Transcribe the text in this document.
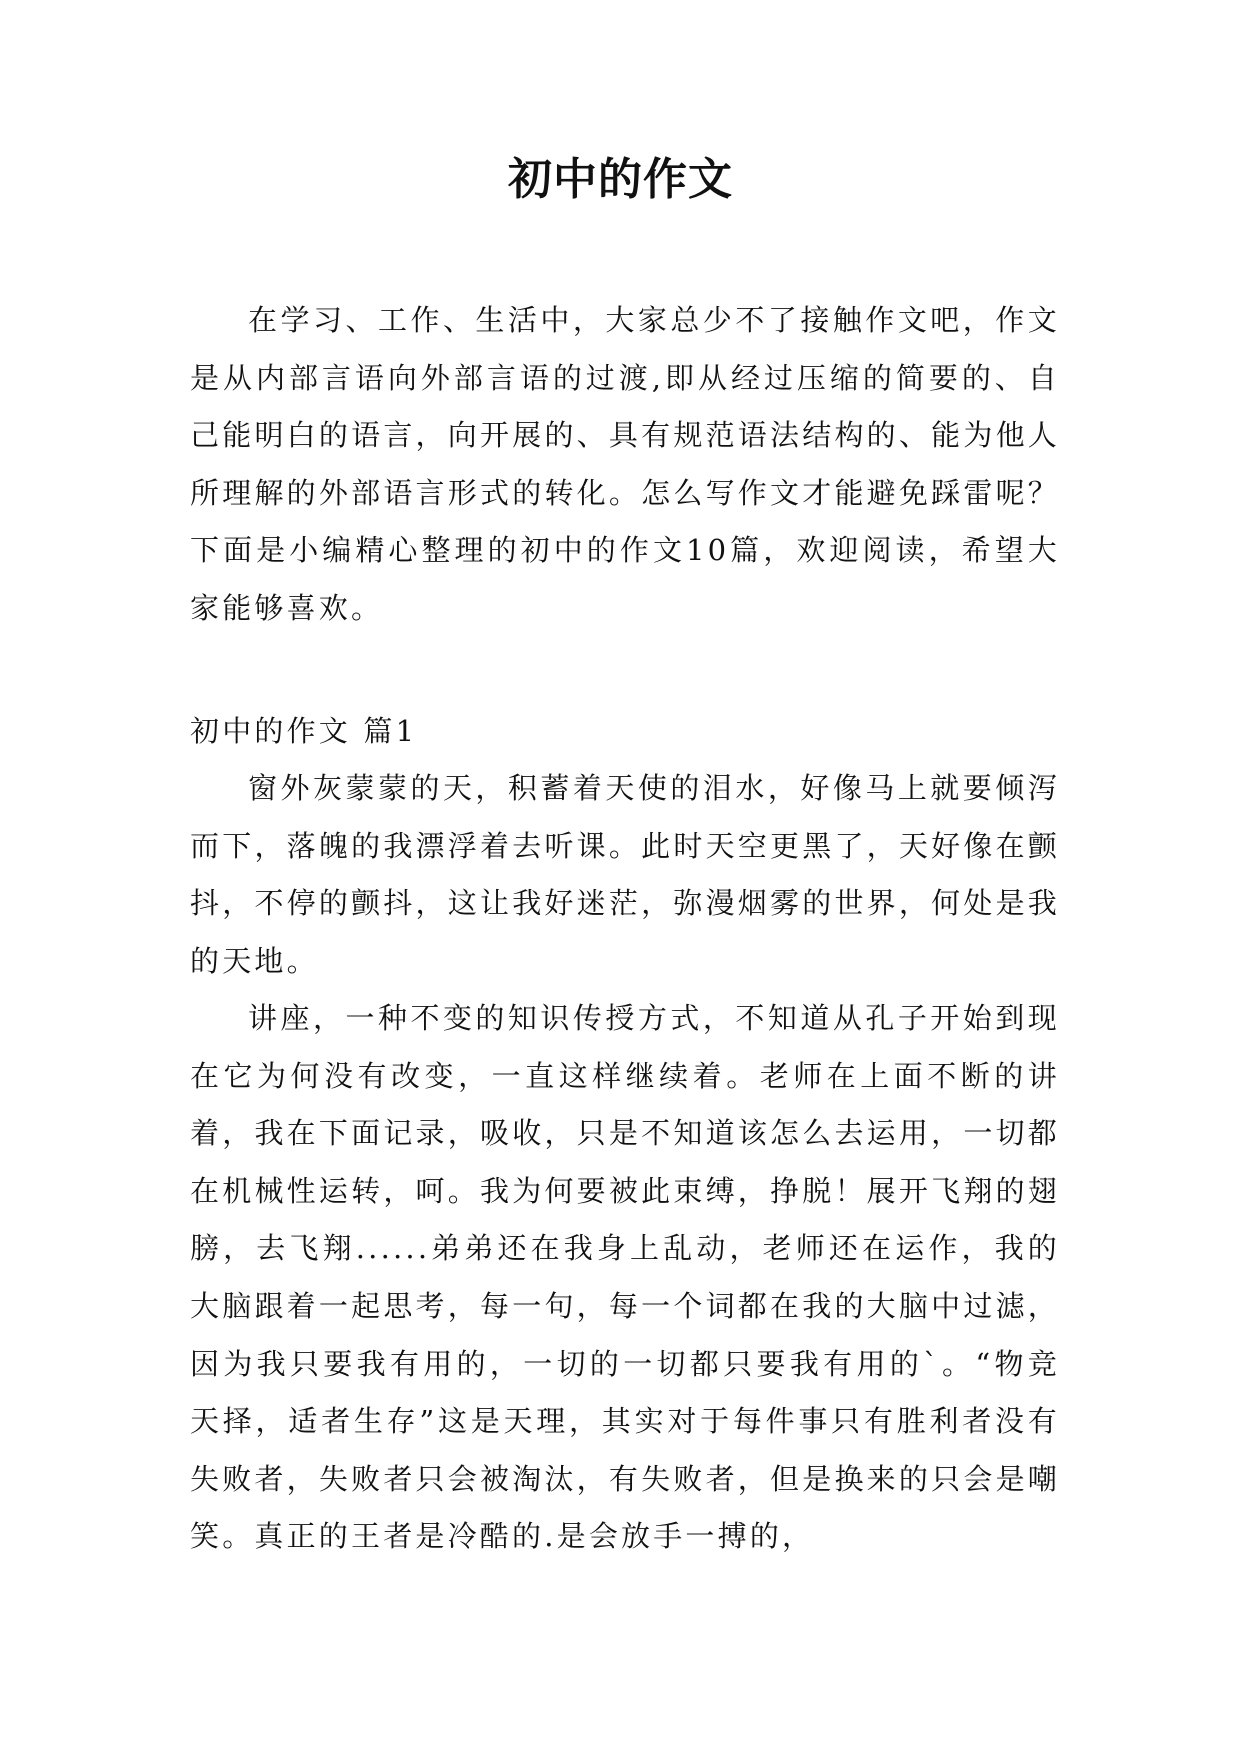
初中的作文

在学习、工作、生活中，大家总少不了接触作文吧，作文是从内部言语向外部言语的过渡,即从经过压缩的简要的、自己能明白的语言，向开展的、具有规范语法结构的、能为他人所理解的外部语言形式的转化。怎么写作文才能避免踩雷呢？下面是小编精心整理的初中的作文10篇，欢迎阅读，希望大家能够喜欢。

初中的作文 篇1

窗外灰蒙蒙的天，积蓄着天使的泪水，好像马上就要倾泻而下，落魄的我漂浮着去听课。此时天空更黑了，天好像在颤抖，不停的颤抖，这让我好迷茫，弥漫烟雾的世界，何处是我的天地。

讲座，一种不变的知识传授方式，不知道从孔子开始到现在它为何没有改变，一直这样继续着。老师在上面不断的讲着，我在下面记录，吸收，只是不知道该怎么去运用，一切都在机械性运转，呵。我为何要被此束缚，挣脱！展开飞翔的翅膀，去飞翔......弟弟还在我身上乱动，老师还在运作，我的大脑跟着一起思考，每一句，每一个词都在我的大脑中过滤，因为我只要我有用的，一切的一切都只要我有用的`。“物竞天择，适者生存”这是天理，其实对于每件事只有胜利者没有失败者，失败者只会被淘汰，有失败者，但是换来的只会是嘲笑。真正的王者是冷酷的.是会放手一搏的，
